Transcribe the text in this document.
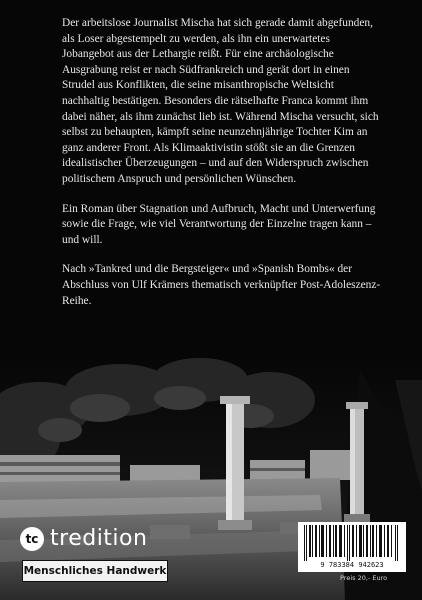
Der arbeitslose Journalist Mischa hat sich gerade damit abgefunden, als Loser abgestempelt zu werden, als ihn ein unerwartetes Jobangebot aus der Lethargie reißt. Für eine archäologische Ausgrabung reist er nach Südfrankreich und gerät dort in einen Strudel aus Konflikten, die seine misanthropische Weltsicht nachhaltig bestätigen. Besonders die rätselhafte Franca kommt ihm dabei näher, als ihm zunächst lieb ist. Während Mischa versucht, sich selbst zu behaupten, kämpft seine neunzehnjährige Tochter Kim an ganz anderer Front. Als Klimaaktivistin stößt sie an die Grenzen idealistischer Überzeugungen – und auf den Widerspruch zwischen politischem Anspruch und persönlichen Wünschen.

Ein Roman über Stagnation und Aufbruch, Macht und Unterwerfung sowie die Frage, wie viel Verantwortung der Einzelne tragen kann – und will.

Nach »Tankred und die Bergsteiger« und »Spanish Bombs« der Abschluss von Ulf Krämers thematisch verknüpfter Post-Adoleszenz-Reihe.

tc tredition
Menschliches Handwerk	9 783384 942623
Preis 20,- Euro
